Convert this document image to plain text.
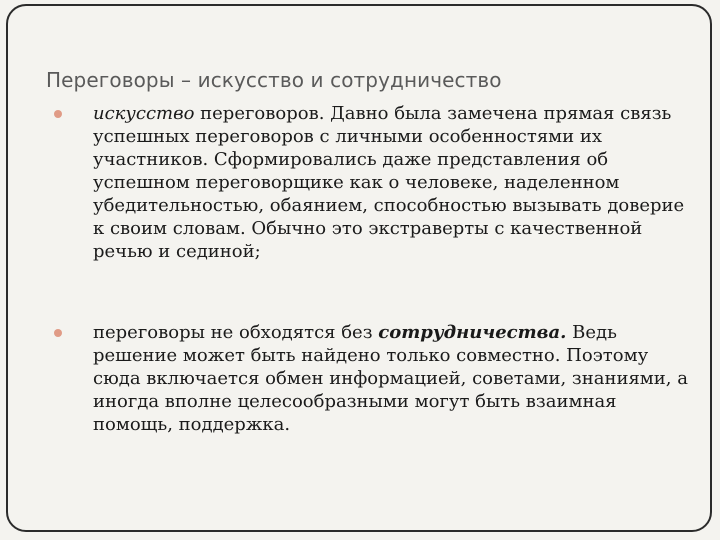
Переговоры – искусство и сотрудничество

искусство переговоров. Давно была замечена прямая связь успешных переговоров с личными особенностями их участников. Сформировались даже представления об успешном переговорщике как о человеке, наделенном убедительностью, обаянием, способностью вызывать доверие к своим словам. Обычно это экстраверты с качественной речью и сединой;

переговоры не обходятся без сотрудничества. Ведь решение может быть найдено только совместно. Поэтому сюда включается обмен информацией, советами, знаниями, а иногда вполне целесообразными могут быть взаимная помощь, поддержка.
